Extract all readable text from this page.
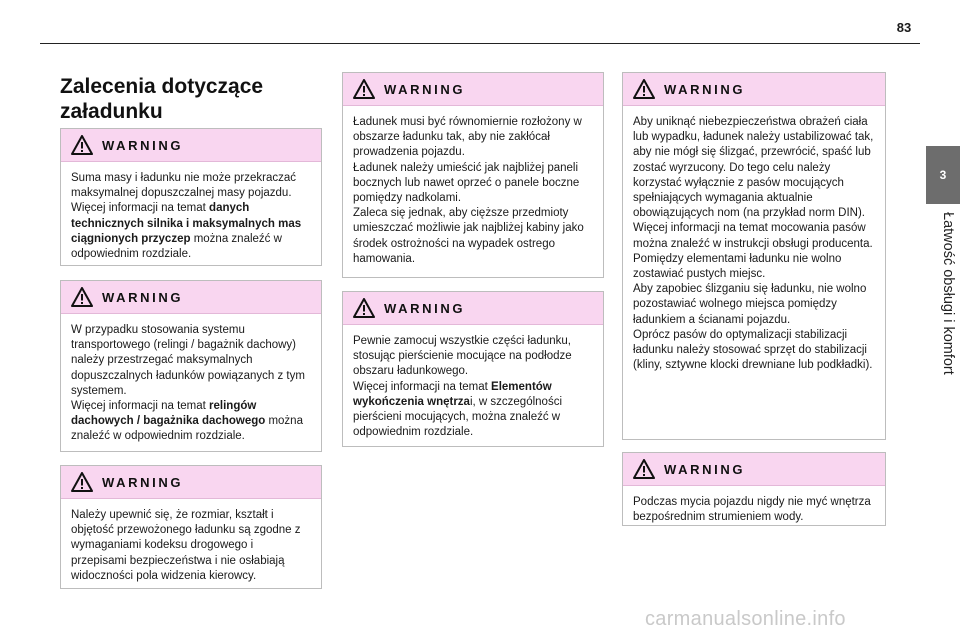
83
3
Łatwość obsługi i komfort
Zalecenia dotyczące załadunku
WARNING

Suma masy i ładunku nie może przekraczać maksymalnej dopuszczalnej masy pojazdu.

Więcej informacji na temat danych technicznych silnika i maksymalnych mas ciągnionych przyczep można znaleźć w odpowiednim rozdziale.

WARNING

W przypadku stosowania systemu transportowego (relingi / bagażnik dachowy) należy przestrzegać maksymalnych dopuszczalnych ładunków powiązanych z tym systemem.

Więcej informacji na temat relingów dachowych / bagażnika dachowego można znaleźć w odpowiednim rozdziale.

WARNING

Należy upewnić się, że rozmiar, kształt i objętość przewożonego ładunku są zgodne z wymaganiami kodeksu drogowego i przepisami bezpieczeństwa i nie osłabiają widoczności pola widzenia kierowcy.

WARNING

Ładunek musi być równomiernie rozłożony w obszarze ładunku tak, aby nie zakłócał prowadzenia pojazdu.

Ładunek należy umieścić jak najbliżej paneli bocznych lub nawet oprzeć o panele boczne pomiędzy nadkolami.

Zaleca się jednak, aby cięższe przedmioty umieszczać możliwie jak najbliżej kabiny jako środek ostrożności na wypadek ostrego hamowania.

WARNING

Pewnie zamocuj wszystkie części ładunku, stosując pierścienie mocujące na podłodze obszaru ładunkowego.

Więcej informacji na temat Elementów wykończenia wnętrzai, w szczególności pierścieni mocujących, można znaleźć w odpowiednim rozdziale.

WARNING

Aby uniknąć niebezpieczeństwa obrażeń ciała lub wypadku, ładunek należy ustabilizować tak, aby nie mógł się ślizgać, przewrócić, spaść lub zostać wyrzucony. Do tego celu należy korzystać wyłącznie z pasów mocujących spełniających wymagania aktualnie obowiązujących nom (na przykład norm DIN).

Więcej informacji na temat mocowania pasów można znaleźć w instrukcji obsługi producenta.

Pomiędzy elementami ładunku nie wolno zostawiać pustych miejsc.

Aby zapobiec ślizganiu się ładunku, nie wolno pozostawiać wolnego miejsca pomiędzy ładunkiem a ścianami pojazdu.

Oprócz pasów do optymalizacji stabilizacji ładunku należy stosować sprzęt do stabilizacji (kliny, sztywne klocki drewniane lub podkładki).

WARNING

Podczas mycia pojazdu nigdy nie myć wnętrza bezpośrednim strumieniem wody.

carmanualsonline.info
